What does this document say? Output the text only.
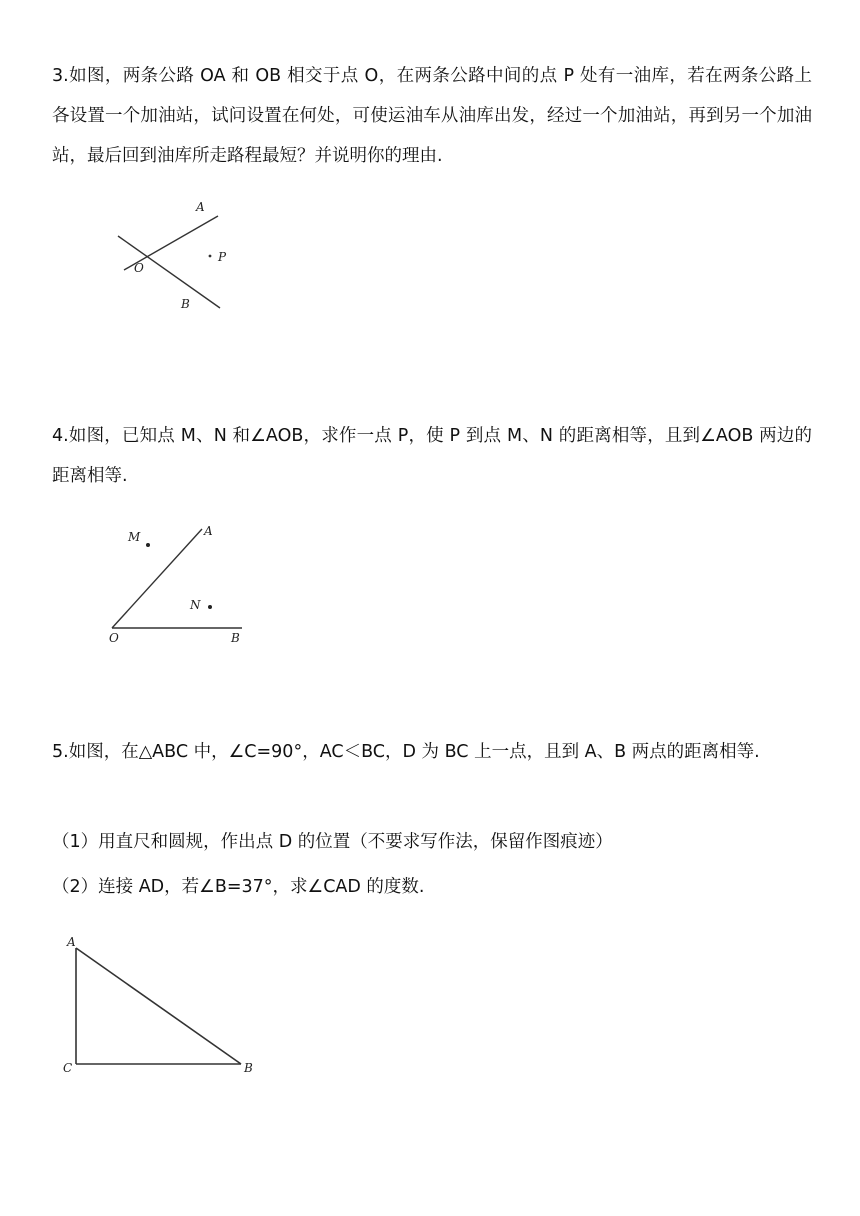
3.如图，两条公路 OA 和 OB 相交于点 O，在两条公路中间的点 P 处有一油库，若在两条公路上各设置一个加油站，试问设置在何处，可使运油车从油库出发，经过一个加油站，再到另一个加油站，最后回到油库所走路程最短？并说明你的理由.
A
O
P
B
4.如图，已知点 M、N 和∠AOB，求作一点 P，使 P 到点 M、N 的距离相等，且到∠AOB 两边的距离相等.
M	A
N
O	B
5.如图，在△ABC 中，∠C=90°，AC＜BC，D 为 BC 上一点，且到 A、B 两点的距离相等.
（1）用直尺和圆规，作出点 D 的位置（不要求写作法，保留作图痕迹）
（2）连接 AD，若∠B=37°，求∠CAD 的度数.
A
C	B
